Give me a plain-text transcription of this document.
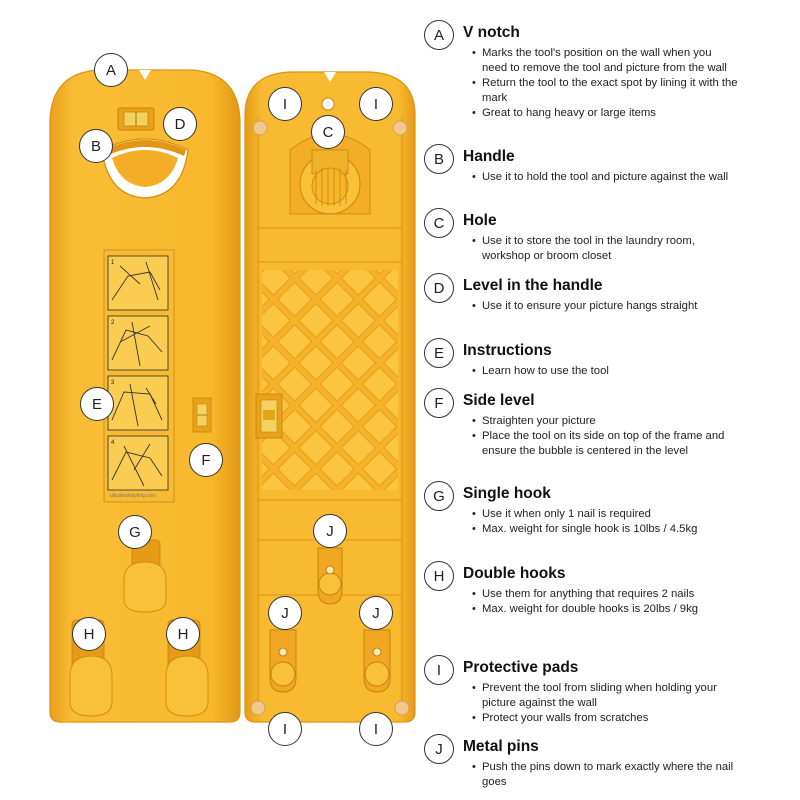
1
2
3
4
ultrabookstyling.com
A
B
D
E
F
G
H	H
I	I
C
J
J	J
I	I
A	V notch
• Marks the tool's position on the wall when you need to remove the tool and picture from the wall
• Return the tool to the exact spot by lining it with the mark
• Great to hang heavy or large items
B	Handle
• Use it to hold the tool and picture against the wall
C	Hole
• Use it to store the tool in the laundry room, workshop or broom closet
D	Level in the handle
• Use it to ensure your picture hangs straight
E	Instructions
• Learn how to use the tool
F	Side level
• Straighten your picture
• Place the tool on its side on top of the frame and ensure the bubble is centered in the level
G	Single hook
• Use it when only 1 nail is required
• Max. weight for single hook is 10lbs / 4.5kg
H	Double hooks
• Use them for anything that requires 2 nails
• Max. weight for double hooks is 20lbs / 9kg
I	Protective pads
• Prevent the tool from sliding when holding your picture against the wall
• Protect your walls from scratches
J	Metal pins
• Push the pins down to mark exactly where the nail goes
